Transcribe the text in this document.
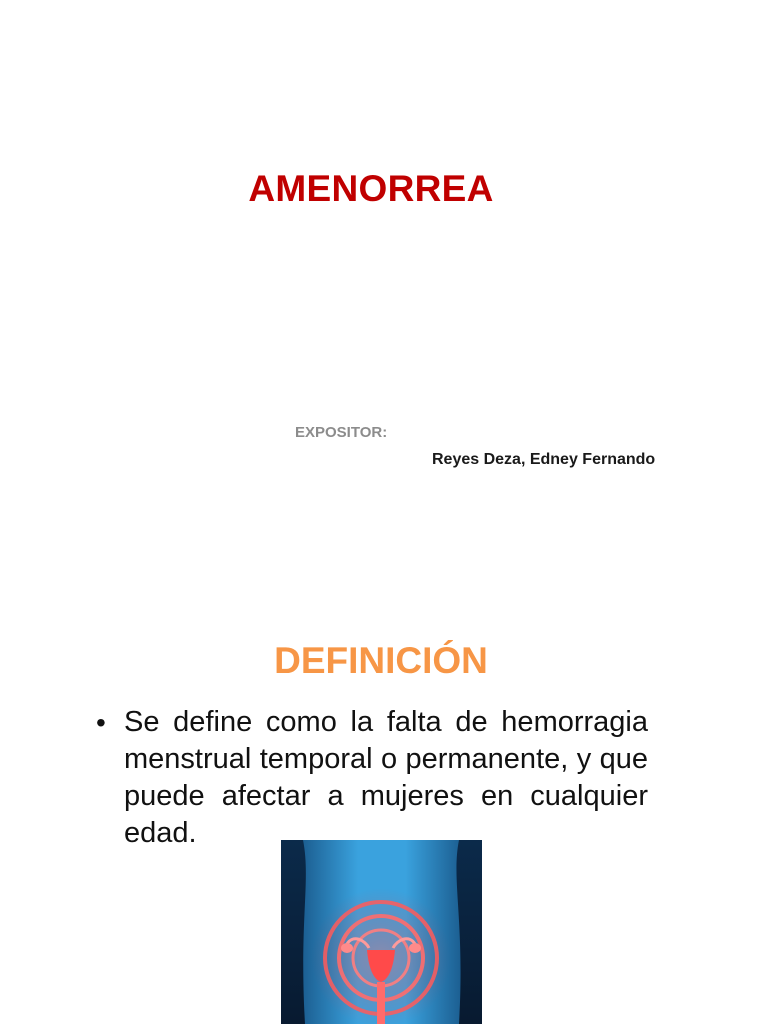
AMENORREA
EXPOSITOR:
Reyes Deza, Edney Fernando
DEFINICIÓN
• Se define como la falta de hemorragia menstrual temporal o permanente, y que puede afectar a mujeres en cualquier edad.
